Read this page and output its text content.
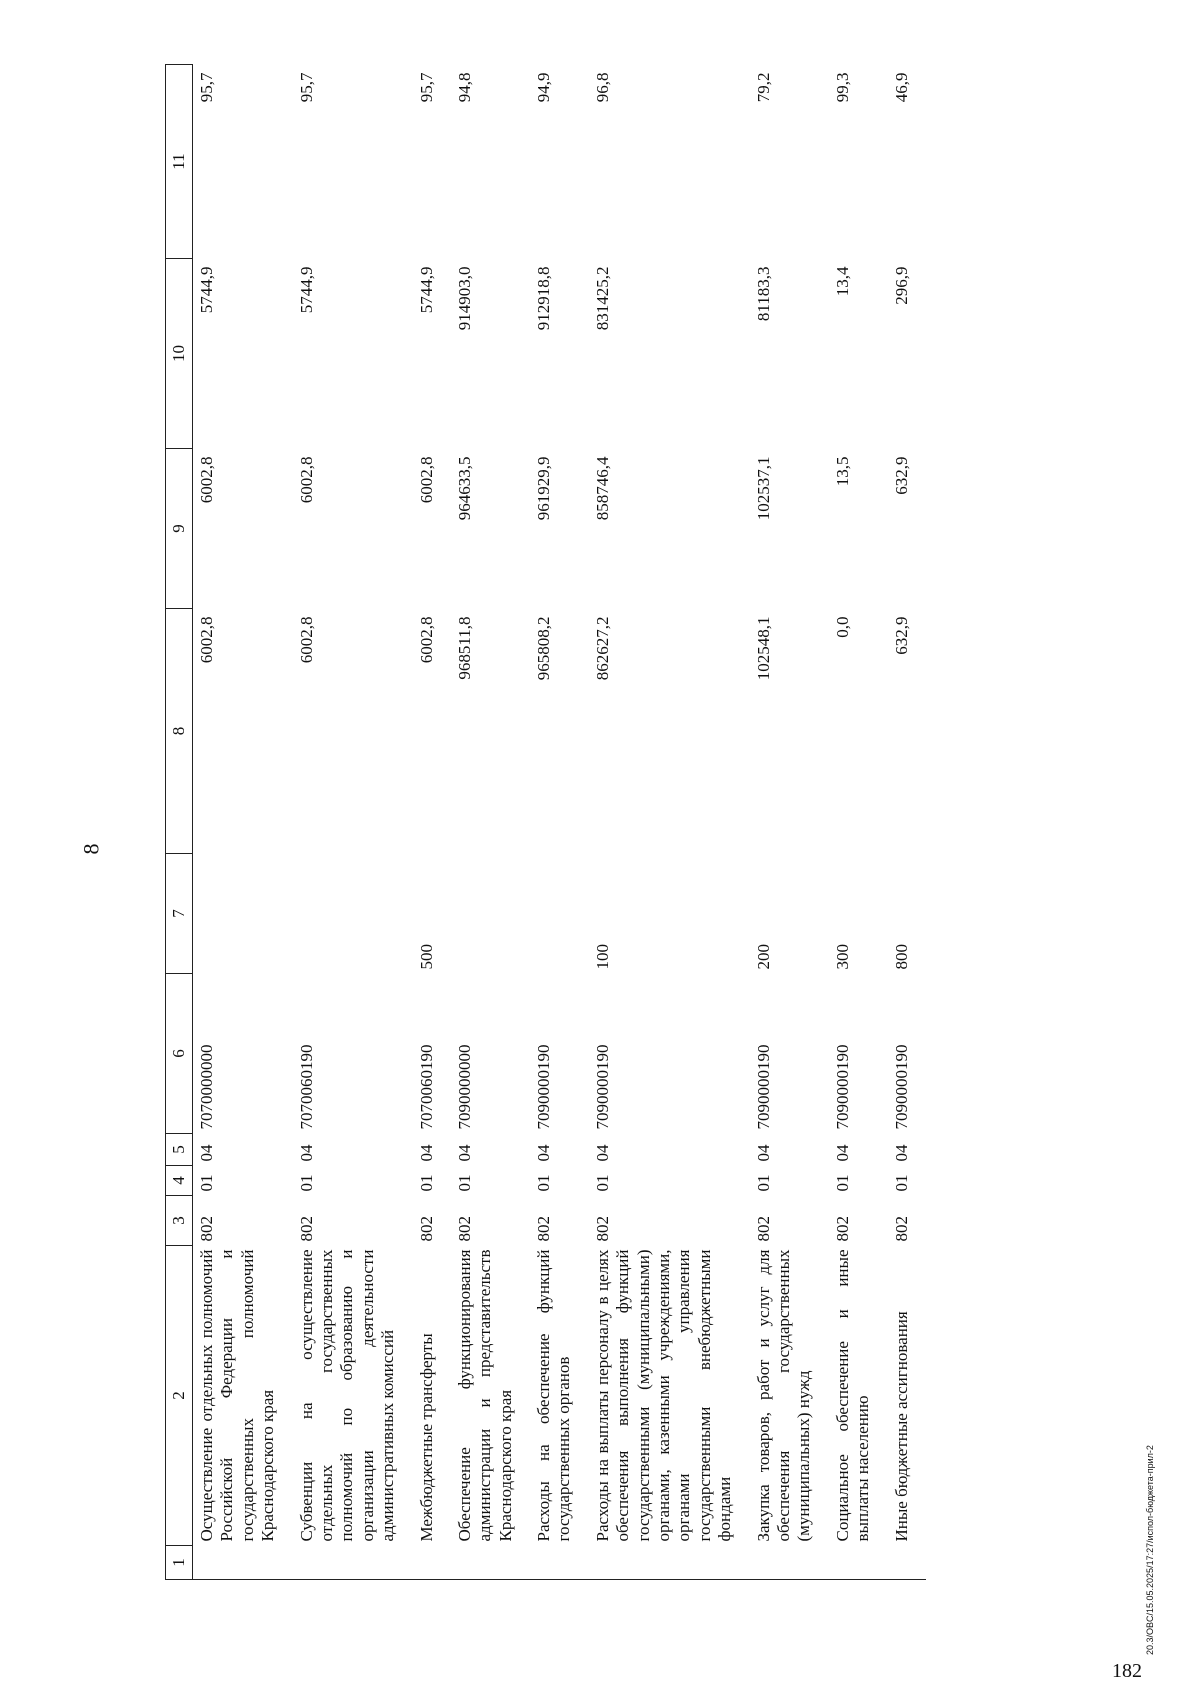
8
182
20.3/OBC/15.05.2025/17:27/испол-бюджета-прил-2
1	2	3	4	5	6	7	8	9	10	11
	Осуществление отдельных полномочий Российской Федерации и государственных полномочий Краснодарского края	802	01	04	7070000000		6002,8	6002,8	5744,9	95,7
	Субвенции на осуществление отдельных государственных полномочий по образованию и организации деятельности административных комиссий	802	01	04	7070060190		6002,8	6002,8	5744,9	95,7
	Межбюджетные трансферты	802	01	04	7070060190	500	6002,8	6002,8	5744,9	95,7
	Обеспечение функционирования администрации и представительств Краснодарского края	802	01	04	7090000000		968511,8	964633,5	914903,0	94,8
	Расходы на обеспечение функций государственных органов	802	01	04	7090000190		965808,2	961929,9	912918,8	94,9
	Расходы на выплаты персоналу в целях обеспечения выполнения функций государственными (муниципальными) органами, казенными учреждениями, органами управления государственными внебюджетными фондами	802	01	04	7090000190	100	862627,2	858746,4	831425,2	96,8
	Закупка товаров, работ и услуг для обеспечения государственных (муниципальных) нужд	802	01	04	7090000190	200	102548,1	102537,1	81183,3	79,2
	Социальное обеспечение и иные выплаты населению	802	01	04	7090000190	300	0,0	13,5	13,4	99,3
	Иные бюджетные ассигнования	802	01	04	7090000190	800	632,9	632,9	296,9	46,9
